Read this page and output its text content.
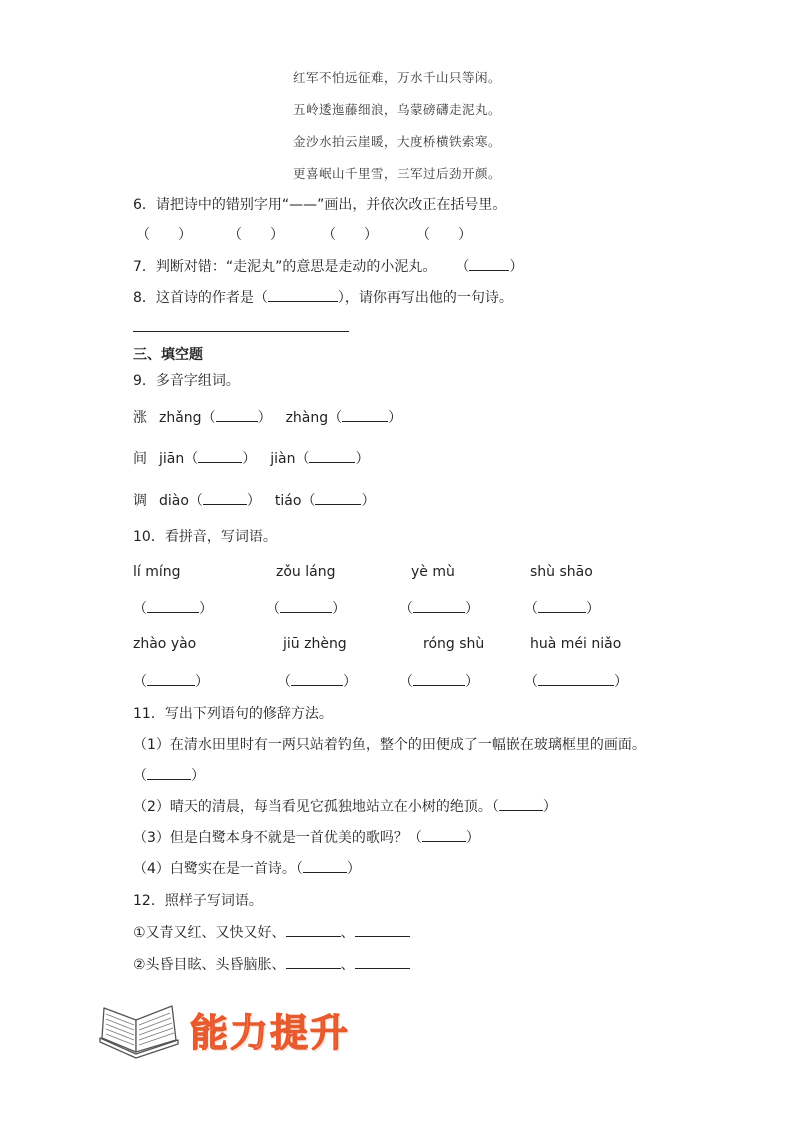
红军不怕远征难，万水千山只等闲。
五岭逶迤藤细浪，乌蒙磅礴走泥丸。
金沙水拍云崖暖，大度桥横铁索寒。
更喜岷山千里雪，三军过后劲开颜。
6．请把诗中的错别字用“——”画出，并依次改正在括号里。
（　　）	（　　）	（　　）	（　　）
7．判断对错：“走泥丸”的意思是走动的小泥丸。 （	）
8．这首诗的作者是（	），请你再写出他的一句诗。
三、填空题
9．多音字组词。
涨 zhǎng（	） zhàng（	）
间 jiān（	） jiàn（	）
调 diào（	） tiáo（	）
10．看拼音，写词语。
lí míng	zǒu láng	yè mù	shù shāo
（	）	（	）	（	）	（	）
zhào yào	jiū zhèng	róng shù	huà méi niǎo
（	）	（	）	（	）	（	）
11．写出下列语句的修辞方法。
（1）在清水田里时有一两只站着钓鱼，整个的田便成了一幅嵌在玻璃框里的画面。
（	）
（2）晴天的清晨，每当看见它孤独地站立在小树的绝顶。（	）
（3）但是白鹭本身不就是一首优美的歌吗？（	）
（4）白鹭实在是一首诗。（	）
12．照样子写词语。
①又青又红、又快又好、	、
②头昏目眩、头昏脑胀、	、
能力提升
